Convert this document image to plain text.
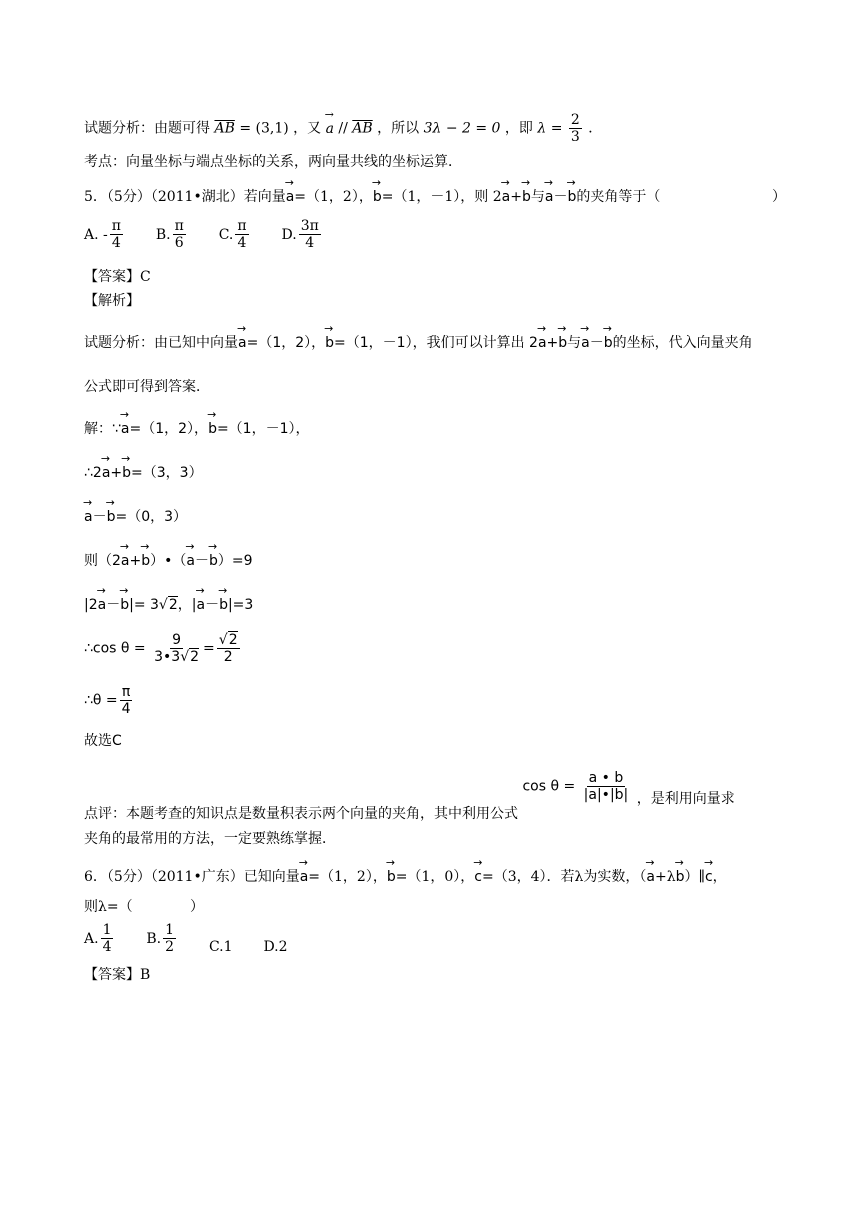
试题分析：由题可得 $\overline{AB} = (3,1)$ ，又 → a // $\overline{AB}$ ，所以 3λ − 2 = 0 ，即 $\lambda = \frac{2}{3}$ ．
考点：向量坐标与端点坐标的关系，两向量共线的坐标运算．
5．（5分）（2011•湖北）若向量→ a=（1，2），→ b=（1，－1），则 2→ a+→ b与→ a－→ b的夹角等于（	）
A. - $\frac{\pi}{4} B$. $\frac{\pi}{6} C$. $\frac{\pi}{4} D$. $\frac{3\pi}{4}$
【答案】C
【解析】
试题分析：由已知中向量→ a=（1，2），→ b=（1，－1），我们可以计算出 2→ a+→ b与→ a－→ b的坐标，代入向量夹角
公式即可得到答案．
解：∵→ a=（1，2），→ b=（1，－1），
∴2→ a+→ b=（3，3）
→ a－→ b=（0，3）
则（2→ a+→ b）•（→ a－→ b）=9
|2→ a－→ b|= 3√2，|→ a－→ b|=3
∴cos $\theta = \frac{9}{3•3√2} = \frac{√2}{2}$
∴θ = $\frac{\pi}{4}$
故选C
点评：本题考查的知识点是数量积表示两个向量的夹角，其中利用公式 $\cos \theta = \frac{a • b}{|a|•|b|}$ ，是利用向量求
夹角的最常用的方法，一定要熟练掌握．
6．（5分）（2011•广东）已知向量→ a=（1，2），→ b=（1，0），→ c=（3，4）．若λ为实数，（→ a+λ→ b）∥→ c，
则λ=（	）
A. $\frac{1}{4} B$. $\frac{1}{2} C.1$ D.2
【答案】B
